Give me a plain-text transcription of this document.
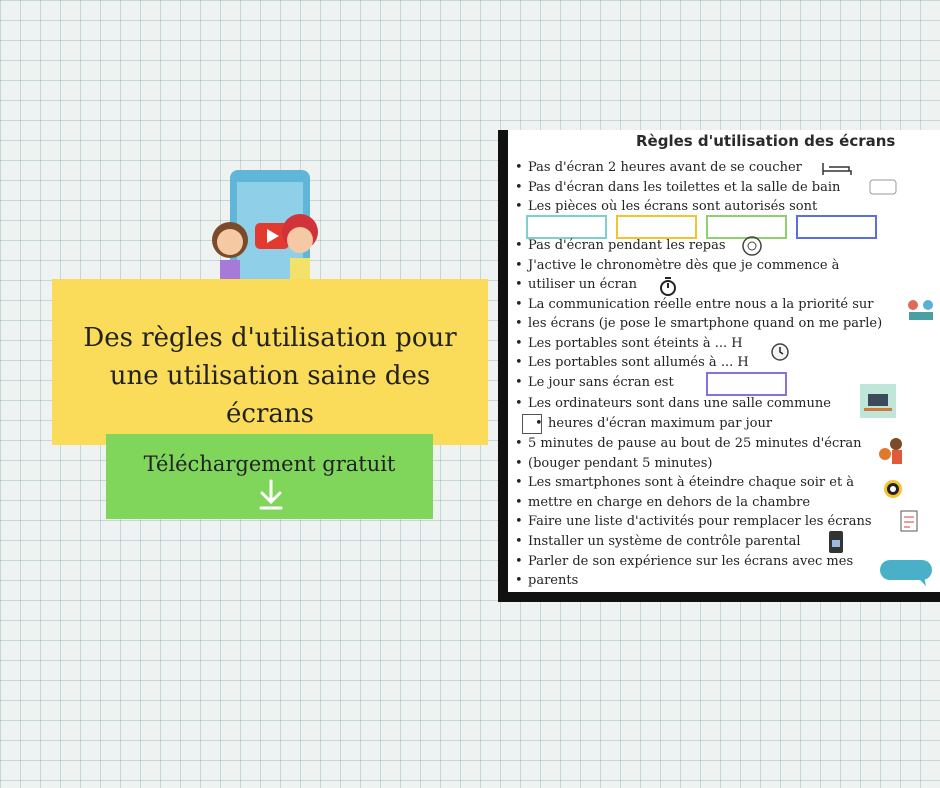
Des règles d'utilisation pour
une utilisation saine des
écrans
Téléchargement gratuit
Règles d'utilisation des écrans
• Pas d'écran 2 heures avant de se coucher
• Pas d'écran dans les toilettes et la salle de bain
• Les pièces où les écrans sont autorisés sont
• Pas d'écran pendant les repas
• J'active le chronomètre dès que je commence à
• utiliser un écran
• La communication réelle entre nous a la priorité sur
• les écrans (je pose le smartphone quand on me parle)
• Les portables sont éteints à ... H
• Les portables sont allumés à ... H
• Le jour sans écran est
• Les ordinateurs sont dans une salle commune
• heures d'écran maximum par jour
• 5 minutes de pause au bout de 25 minutes d'écran
• (bouger pendant 5 minutes)
• Les smartphones sont à éteindre chaque soir et à
• mettre en charge en dehors de la chambre
• Faire une liste d'activités pour remplacer les écrans
• Installer un système de contrôle parental
• Parler de son expérience sur les écrans avec mes
• parents
